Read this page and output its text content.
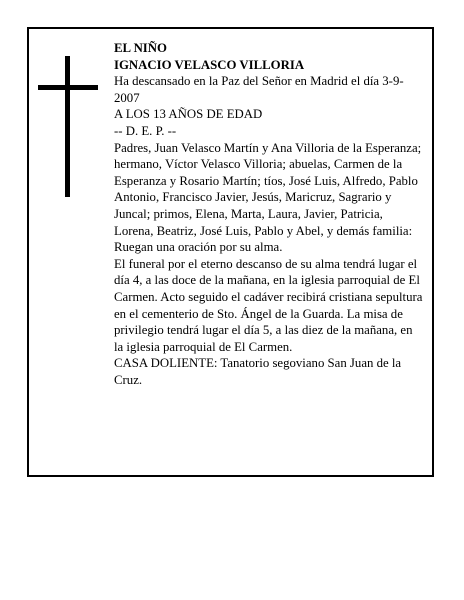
EL NIÑO

IGNACIO VELASCO VILLORIA

Ha descansado en la Paz del Señor en Madrid el día 3-9-2007

A LOS 13 AÑOS DE EDAD

-- D. E. P. --

Padres, Juan Velasco Martín y Ana Villoria de la Esperanza; hermano, Víctor Velasco Villoria; abuelas, Carmen de la Esperanza y Rosario Martín; tíos, José Luis, Alfredo, Pablo Antonio, Francisco Javier, Jesús, Maricruz, Sagrario y Juncal; primos, Elena, Marta, Laura, Javier, Patricia, Lorena, Beatriz, José Luis, Pablo y Abel, y demás familia:

Ruegan una oración por su alma.

El funeral por el eterno descanso de su alma tendrá lugar el día 4, a las doce de la mañana, en la iglesia parroquial de El Carmen. Acto seguido el cadáver recibirá cristiana sepultura en el cementerio de Sto. Ángel de la Guarda. La misa de privilegio tendrá lugar el día 5, a las diez de la mañana, en la iglesia parroquial de El Carmen.

CASA DOLIENTE: Tanatorio segoviano San Juan de la Cruz.
